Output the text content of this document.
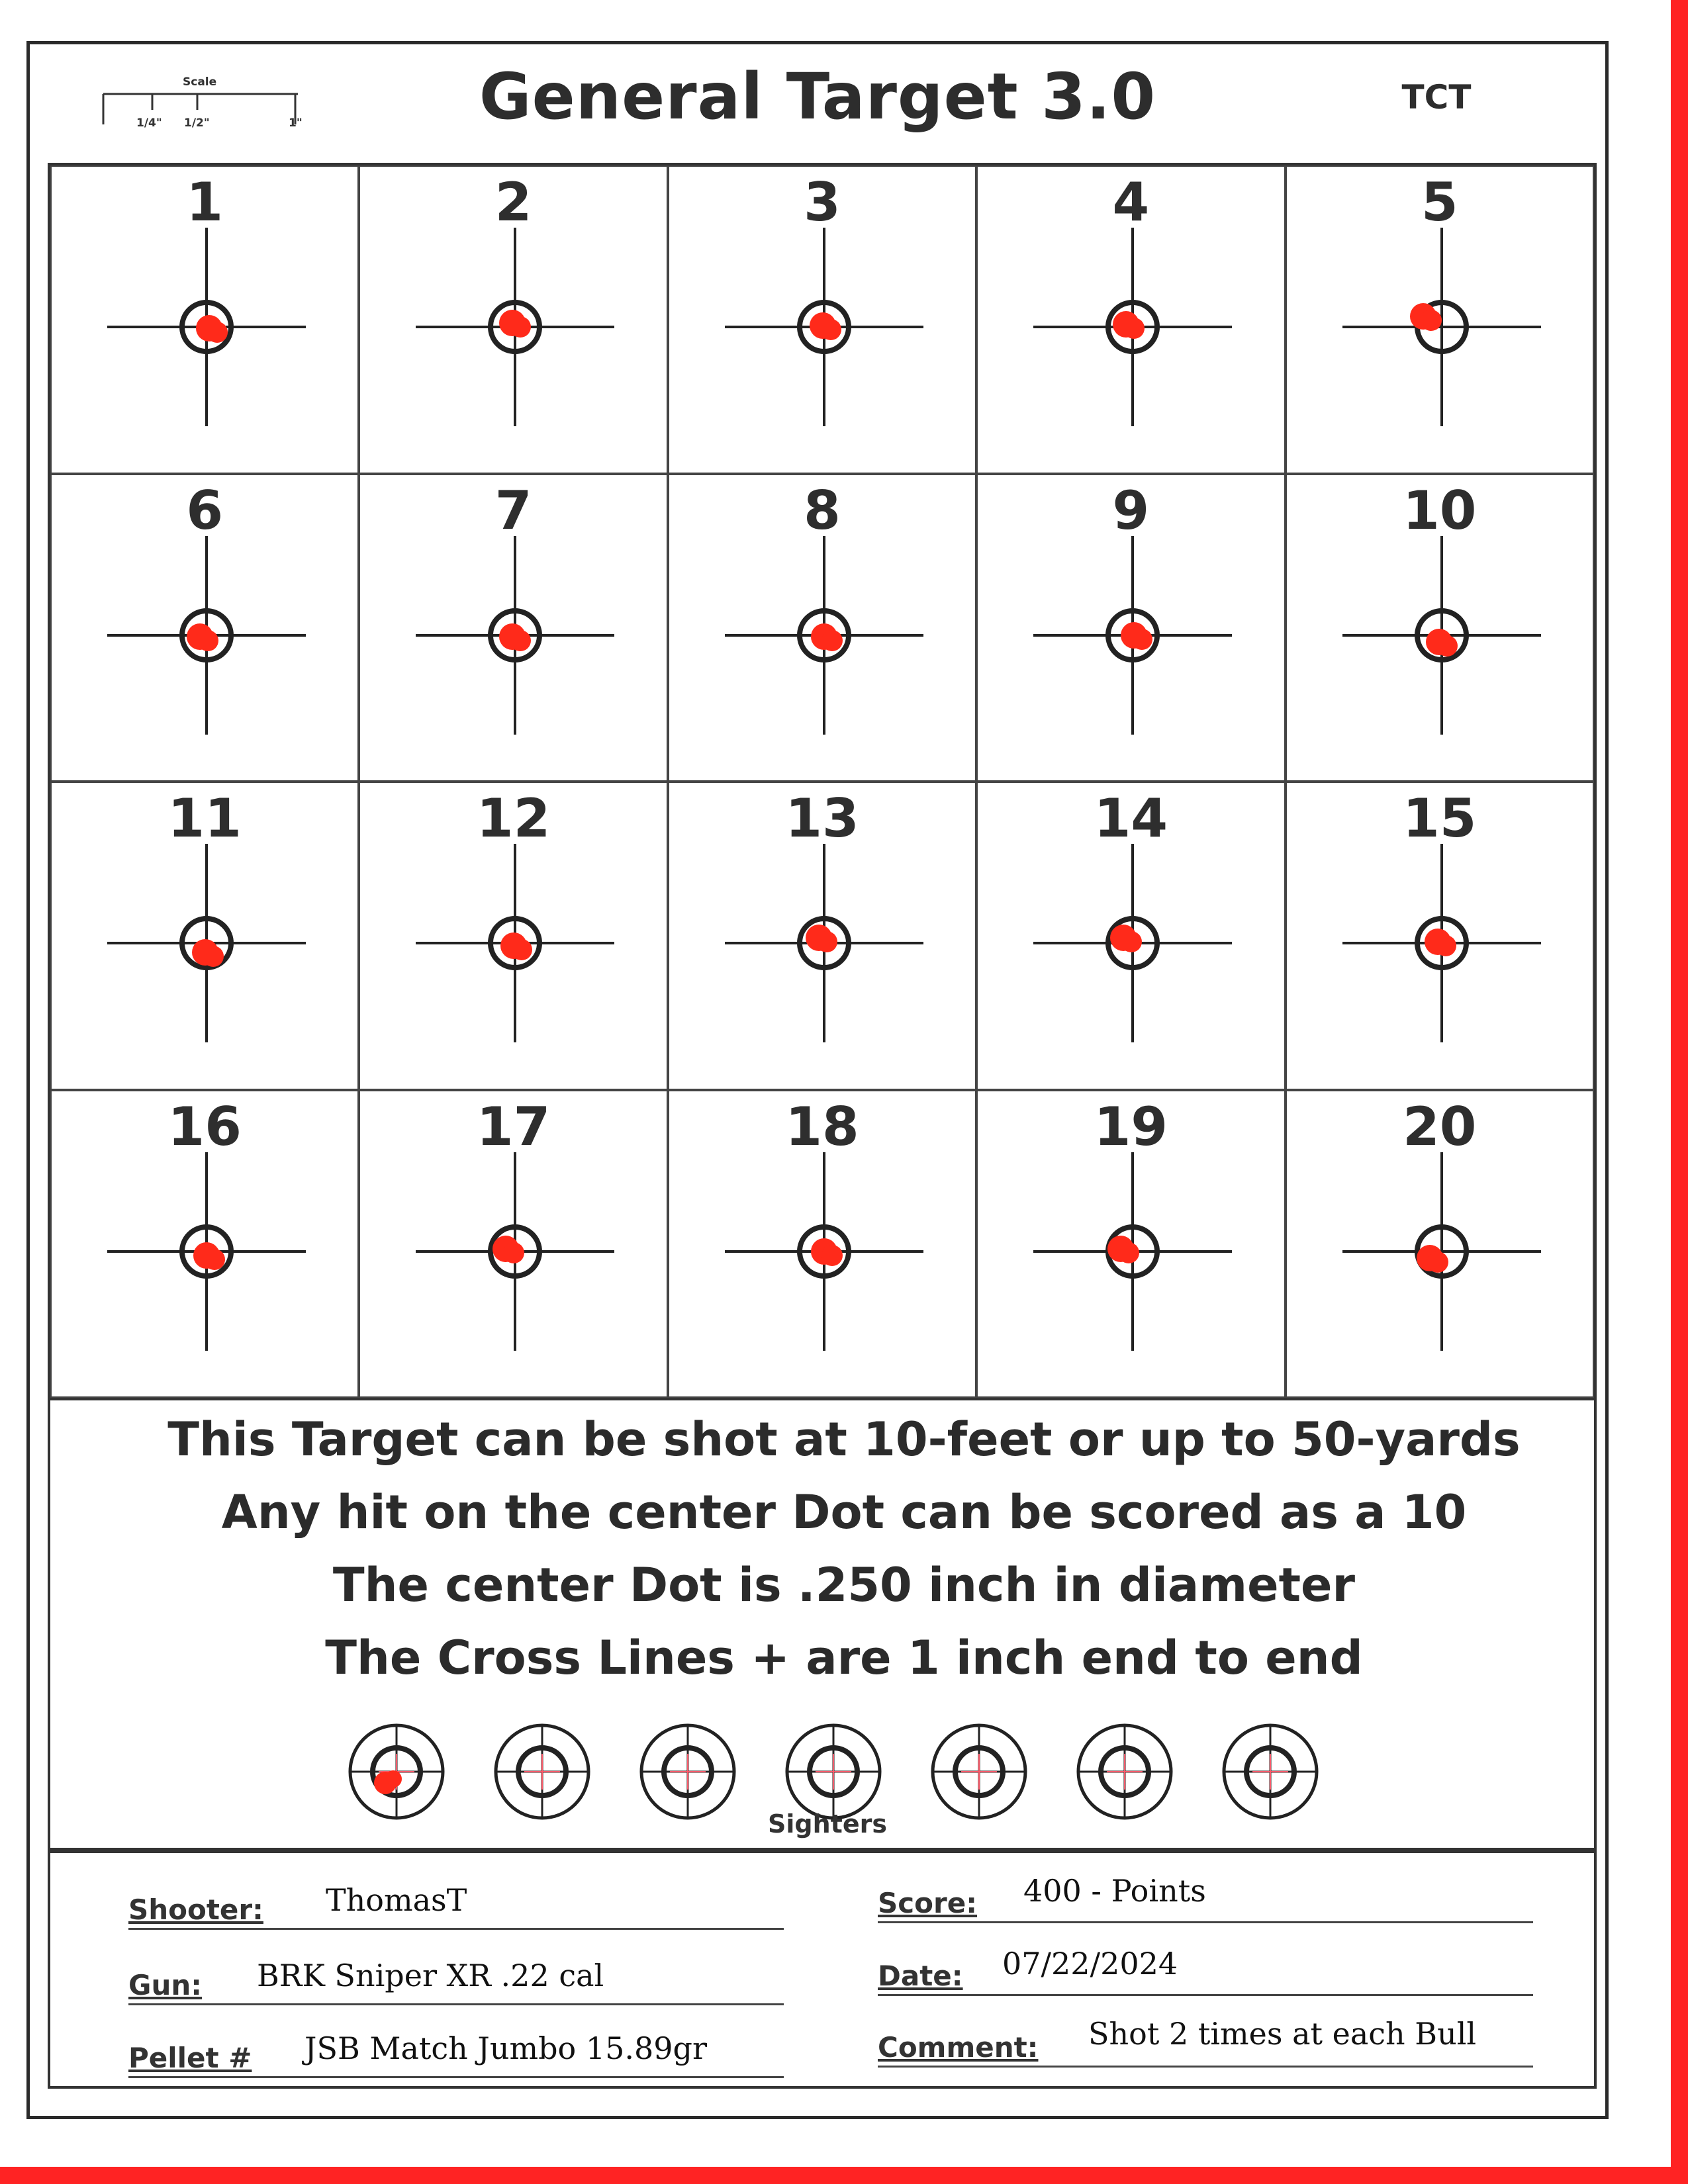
Scale
1/4" 1/2"	1"	General Target 3.0	TCT
1	2	3	4	5
6	7	8	9	10
11	12	13	14	15
16	17	18	19	20
This Target can be shot at 10-feet or up to 50-yards
Any hit on the center Dot can be scored as a 10
The center Dot is .250 inch in diameter
The Cross Lines + are 1 inch end to end
Sighters
Shooter: ThomasT
Gun: BRK Sniper XR .22 cal
Pellet # JSB Match Jumbo 15.89gr
Score: 400 - Points
Date: 07/22/2024
Comment: Shot 2 times at each Bull
